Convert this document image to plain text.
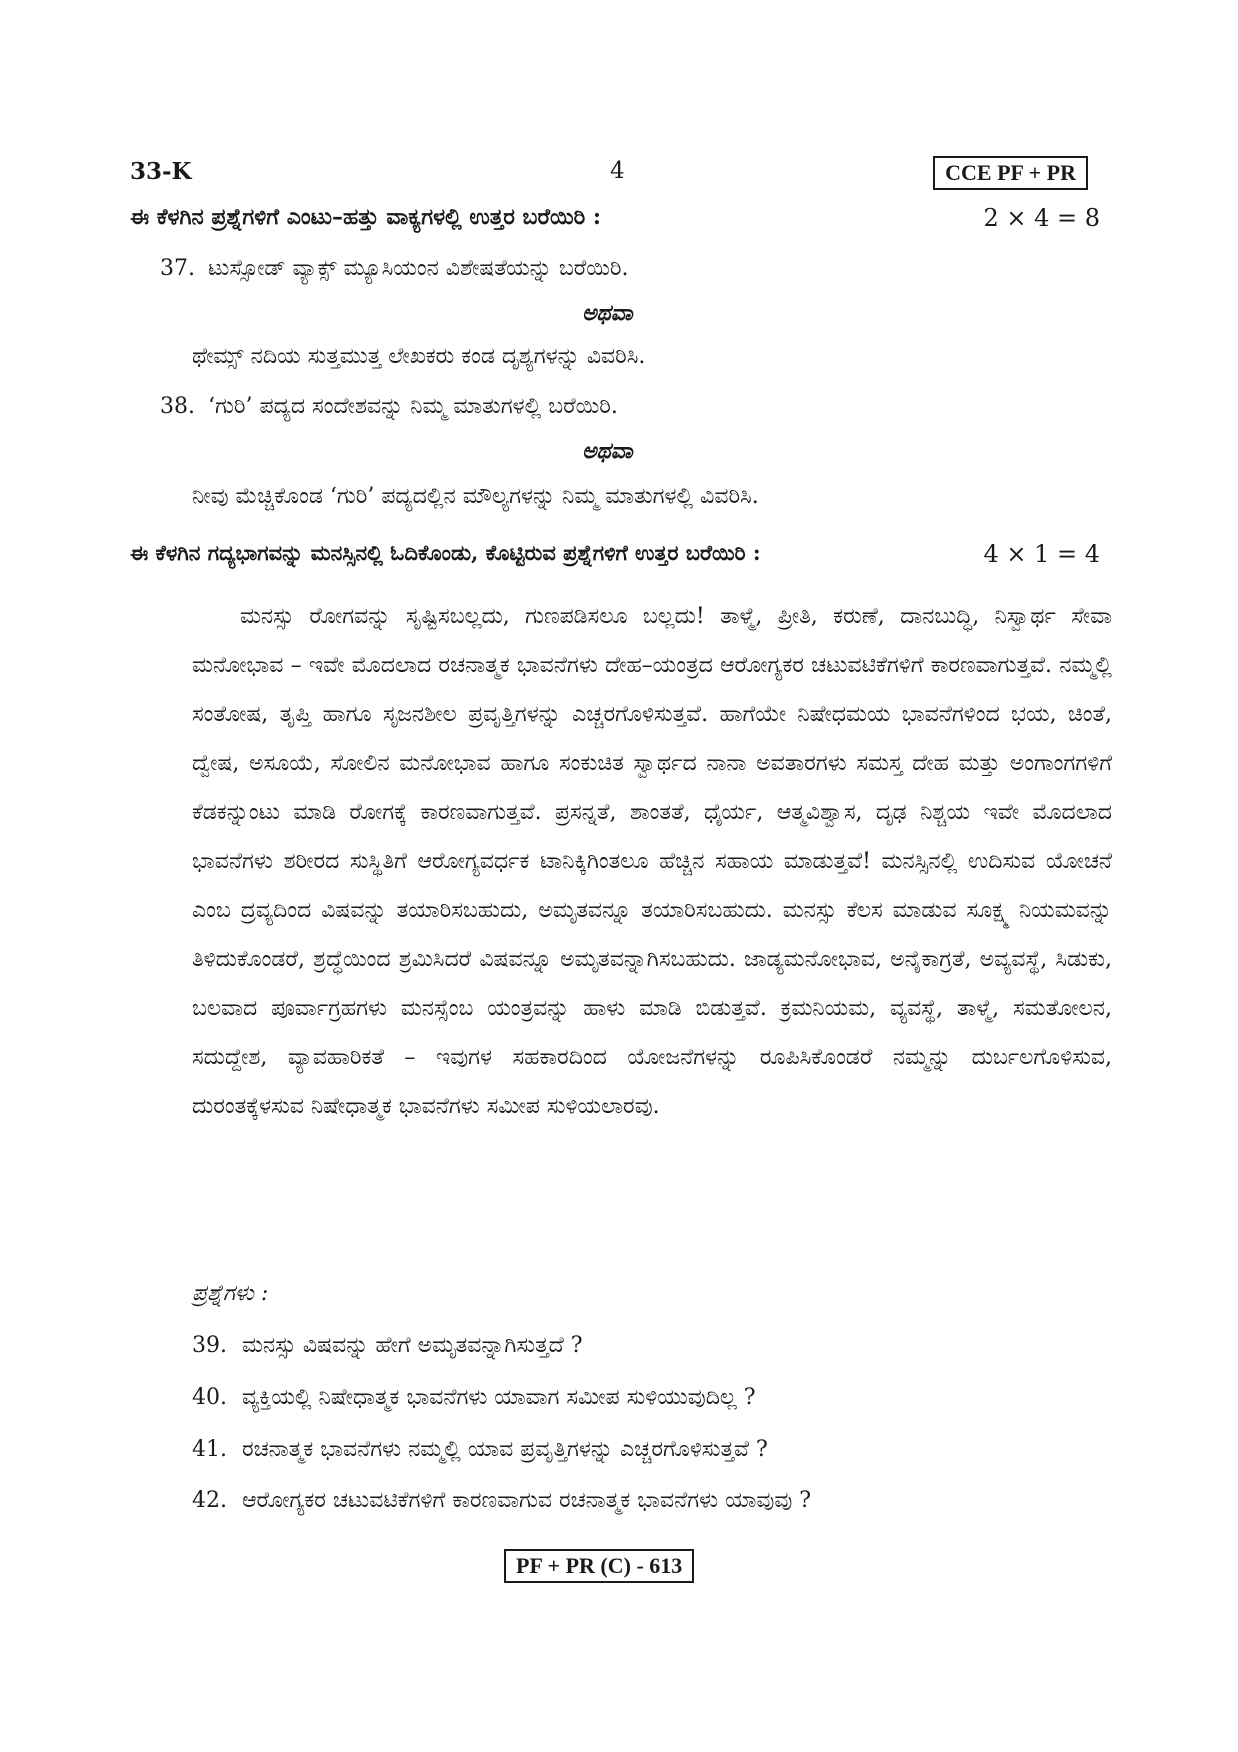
33-K	4	CCE PF + PR
ಈ ಕೆಳಗಿನ ಪ್ರಶ್ನೆಗಳಿಗೆ ಎಂಟು–ಹತ್ತು ವಾಕ್ಯಗಳಲ್ಲಿ ಉತ್ತರ ಬರೆಯಿರಿ :	2 × 4 = 8
37. ಟುಸ್ಸೋಡ್ ವ್ಯಾಕ್ಸ್ ಮ್ಯೂಸಿಯಂನ ವಿಶೇಷತೆಯನ್ನು ಬರೆಯಿರಿ.
ಅಥವಾ
ಥೇಮ್ಸ್ ನದಿಯ ಸುತ್ತಮುತ್ತ ಲೇಖಕರು ಕಂಡ ದೃಶ್ಯಗಳನ್ನು ವಿವರಿಸಿ.
38. ‘ಗುರಿ’ ಪದ್ಯದ ಸಂದೇಶವನ್ನು ನಿಮ್ಮ ಮಾತುಗಳಲ್ಲಿ ಬರೆಯಿರಿ.
ಅಥವಾ
ನೀವು ಮೆಚ್ಚಿಕೊಂಡ ‘ಗುರಿ’ ಪದ್ಯದಲ್ಲಿನ ಮೌಲ್ಯಗಳನ್ನು ನಿಮ್ಮ ಮಾತುಗಳಲ್ಲಿ ವಿವರಿಸಿ.
ಈ ಕೆಳಗಿನ ಗದ್ಯಭಾಗವನ್ನು ಮನಸ್ಸಿನಲ್ಲಿ ಓದಿಕೊಂಡು, ಕೊಟ್ಟಿರುವ ಪ್ರಶ್ನೆಗಳಿಗೆ ಉತ್ತರ ಬರೆಯಿರಿ :	4 × 1 = 4
ಮನಸ್ಸು ರೋಗವನ್ನು ಸೃಷ್ಟಿಸಬಲ್ಲದು, ಗುಣಪಡಿಸಲೂ ಬಲ್ಲದು! ತಾಳ್ಮೆ, ಪ್ರೀತಿ, ಕರುಣೆ, ದಾನಬುದ್ಧಿ, ನಿಸ್ವಾರ್ಥ ಸೇವಾ ಮನೋಭಾವ – ಇವೇ ಮೊದಲಾದ ರಚನಾತ್ಮಕ ಭಾವನೆಗಳು ದೇಹ–ಯಂತ್ರದ ಆರೋಗ್ಯಕರ ಚಟುವಟಿಕೆಗಳಿಗೆ ಕಾರಣವಾಗುತ್ತವೆ. ನಮ್ಮಲ್ಲಿ ಸಂತೋಷ, ತೃಪ್ತಿ ಹಾಗೂ ಸೃಜನಶೀಲ ಪ್ರವೃತ್ತಿಗಳನ್ನು ಎಚ್ಚರಗೊಳಿಸುತ್ತವೆ. ಹಾಗೆಯೇ ನಿಷೇಧಮಯ ಭಾವನೆಗಳಿಂದ ಭಯ, ಚಿಂತೆ, ದ್ವೇಷ, ಅಸೂಯೆ, ಸೋಲಿನ ಮನೋಭಾವ ಹಾಗೂ ಸಂಕುಚಿತ ಸ್ವಾರ್ಥದ ನಾನಾ ಅವತಾರಗಳು ಸಮಸ್ತ ದೇಹ ಮತ್ತು ಅಂಗಾಂಗಗಳಿಗೆ ಕೆಡಕನ್ನುಂಟು ಮಾಡಿ ರೋಗಕ್ಕೆ ಕಾರಣವಾಗುತ್ತವೆ. ಪ್ರಸನ್ನತೆ, ಶಾಂತತೆ, ಧೈರ್ಯ, ಆತ್ಮವಿಶ್ವಾಸ, ದೃಢ ನಿಶ್ಚಯ ಇವೇ ಮೊದಲಾದ ಭಾವನೆಗಳು ಶರೀರದ ಸುಸ್ಥಿತಿಗೆ ಆರೋಗ್ಯವರ್ಧಕ ಟಾನಿಕ್ಕಿಗಿಂತಲೂ ಹೆಚ್ಚಿನ ಸಹಾಯ ಮಾಡುತ್ತವೆ! ಮನಸ್ಸಿನಲ್ಲಿ ಉದಿಸುವ ಯೋಚನೆ ಎಂಬ ದ್ರವ್ಯದಿಂದ ವಿಷವನ್ನು ತಯಾರಿಸಬಹುದು, ಅಮೃತವನ್ನೂ ತಯಾರಿಸಬಹುದು. ಮನಸ್ಸು ಕೆಲಸ ಮಾಡುವ ಸೂಕ್ಷ್ಮ ನಿಯಮವನ್ನು ತಿಳಿದುಕೊಂಡರೆ, ಶ್ರದ್ಧೆಯಿಂದ ಶ್ರಮಿಸಿದರೆ ವಿಷವನ್ನೂ ಅಮೃತವನ್ನಾಗಿಸಬಹುದು. ಜಾಡ್ಯಮನೋಭಾವ, ಅನೈಕಾಗ್ರತೆ, ಅವ್ಯವಸ್ಥೆ, ಸಿಡುಕು, ಬಲವಾದ ಪೂರ್ವಾಗ್ರಹಗಳು ಮನಸ್ಸೆಂಬ ಯಂತ್ರವನ್ನು ಹಾಳು ಮಾಡಿ ಬಿಡುತ್ತವೆ. ಕ್ರಮನಿಯಮ, ವ್ಯವಸ್ಥೆ, ತಾಳ್ಮೆ, ಸಮತೋಲನ, ಸದುದ್ದೇಶ, ವ್ಯಾವಹಾರಿಕತೆ – ಇವುಗಳ ಸಹಕಾರದಿಂದ ಯೋಜನೆಗಳನ್ನು ರೂಪಿಸಿಕೊಂಡರೆ ನಮ್ಮನ್ನು ದುರ್ಬಲಗೊಳಿಸುವ, ದುರಂತಕ್ಕೆಳಸುವ ನಿಷೇಧಾತ್ಮಕ ಭಾವನೆಗಳು ಸಮೀಪ ಸುಳಿಯಲಾರವು.
ಪ್ರಶ್ನೆಗಳು :
39. ಮನಸ್ಸು ವಿಷವನ್ನು ಹೇಗೆ ಅಮೃತವನ್ನಾಗಿಸುತ್ತದೆ ?
40. ವ್ಯಕ್ತಿಯಲ್ಲಿ ನಿಷೇಧಾತ್ಮಕ ಭಾವನೆಗಳು ಯಾವಾಗ ಸಮೀಪ ಸುಳಿಯುವುದಿಲ್ಲ ?
41. ರಚನಾತ್ಮಕ ಭಾವನೆಗಳು ನಮ್ಮಲ್ಲಿ ಯಾವ ಪ್ರವೃತ್ತಿಗಳನ್ನು ಎಚ್ಚರಗೊಳಿಸುತ್ತವೆ ?
42. ಆರೋಗ್ಯಕರ ಚಟುವಟಿಕೆಗಳಿಗೆ ಕಾರಣವಾಗುವ ರಚನಾತ್ಮಕ ಭಾವನೆಗಳು ಯಾವುವು ?
PF + PR (C) - 613
